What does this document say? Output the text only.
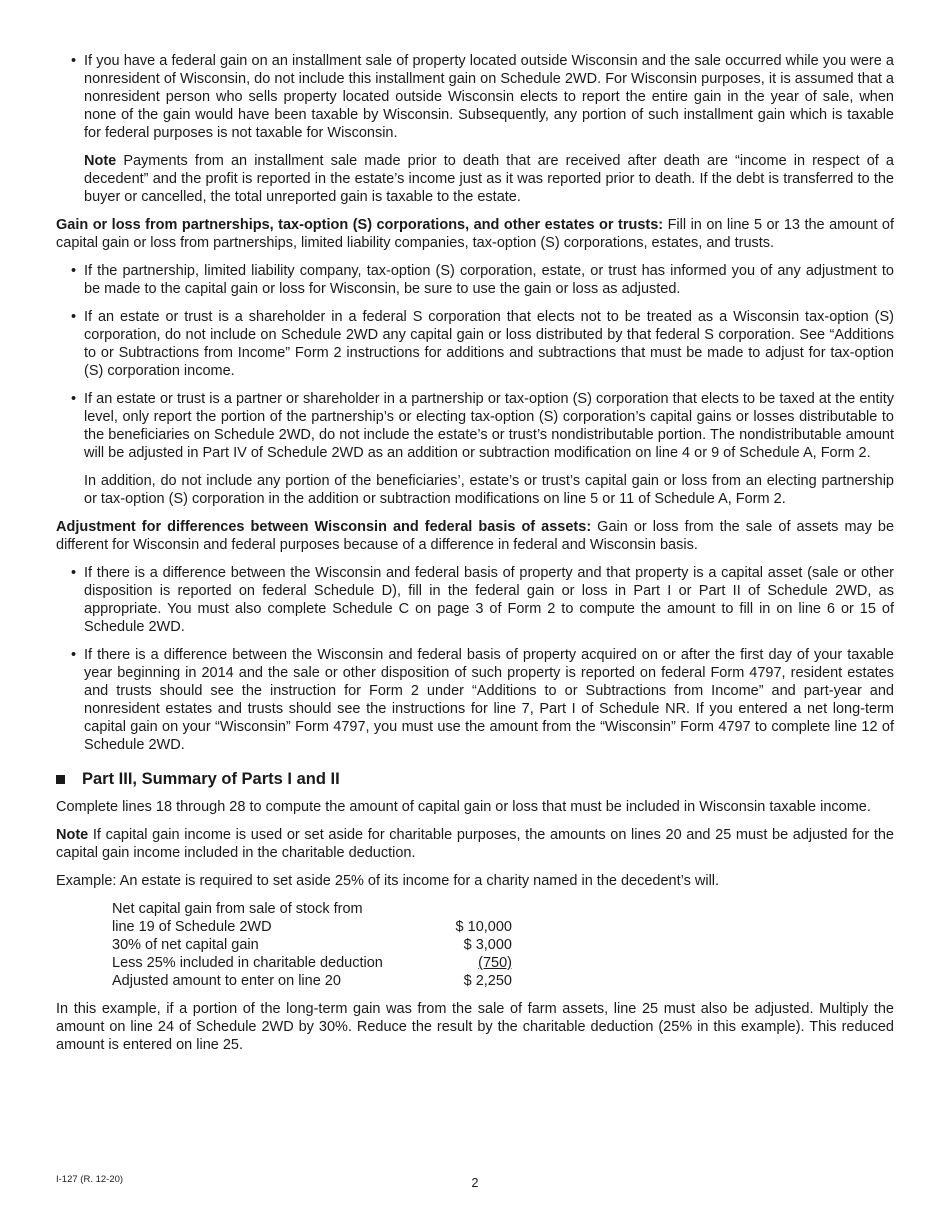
• If you have a federal gain on an installment sale of property located outside Wisconsin and the sale occurred while you were a nonresident of Wisconsin, do not include this installment gain on Schedule 2WD. For Wisconsin purposes, it is assumed that a nonresident person who sells property located outside Wisconsin elects to report the entire gain in the year of sale, when none of the gain would have been taxable by Wisconsin. Subsequently, any portion of such installment gain which is taxable for federal purposes is not taxable for Wisconsin.
Note Payments from an installment sale made prior to death that are received after death are “income in respect of a decedent” and the profit is reported in the estate’s income just as it was reported prior to death. If the debt is transferred to the buyer or cancelled, the total unreported gain is taxable to the estate.

Gain or loss from partnerships, tax-option (S) corporations, and other estates or trusts: Fill in on line 5 or 13 the amount of capital gain or loss from partnerships, limited liability companies, tax-option (S) corporations, estates, and trusts.

• If the partnership, limited liability company, tax-option (S) corporation, estate, or trust has informed you of any adjustment to be made to the capital gain or loss for Wisconsin, be sure to use the gain or loss as adjusted.
• If an estate or trust is a shareholder in a federal S corporation that elects not to be treated as a Wisconsin tax-option (S) corporation, do not include on Schedule 2WD any capital gain or loss distributed by that federal S corporation. See “Additions to or Subtractions from Income” Form 2 instructions for additions and subtractions that must be made to adjust for tax-option (S) corporation income.
• If an estate or trust is a partner or shareholder in a partnership or tax-option (S) corporation that elects to be taxed at the entity level, only report the portion of the partnership’s or electing tax-option (S) corporation’s capital gains or losses distributable to the beneficiaries on Schedule 2WD, do not include the estate’s or trust’s nondistributable portion. The nondistributable amount will be adjusted in Part IV of Schedule 2WD as an addition or subtraction modification on line 4 or 9 of Schedule A, Form 2.
In addition, do not include any portion of the beneficiaries’, estate’s or trust’s capital gain or loss from an electing partnership or tax-option (S) corporation in the addition or subtraction modifications on line 5 or 11 of Schedule A, Form 2.

Adjustment for differences between Wisconsin and federal basis of assets: Gain or loss from the sale of assets may be different for Wisconsin and federal purposes because of a difference in federal and Wisconsin basis.

• If there is a difference between the Wisconsin and federal basis of property and that property is a capital asset (sale or other disposition is reported on federal Schedule D), fill in the federal gain or loss in Part I or Part II of Schedule 2WD, as appropriate. You must also complete Schedule C on page 3 of Form 2 to compute the amount to fill in on line 6 or 15 of Schedule 2WD.
• If there is a difference between the Wisconsin and federal basis of property acquired on or after the first day of your taxable year beginning in 2014 and the sale or other disposition of such property is reported on federal Form 4797, resident estates and trusts should see the instruction for Form 2 under “Additions to or Subtractions from Income” and part-year and nonresident estates and trusts should see the instructions for line 7, Part I of Schedule NR. If you entered a net long-term capital gain on your “Wisconsin” Form 4797, you must use the amount from the “Wisconsin” Form 4797 to complete line 12 of Schedule 2WD.
Part III, Summary of Parts I and II

Complete lines 18 through 28 to compute the amount of capital gain or loss that must be included in Wisconsin taxable income.

Note If capital gain income is used or set aside for charitable purposes, the amounts on lines 20 and 25 must be adjusted for the capital gain income included in the charitable deduction.

Example: An estate is required to set aside 25% of its income for a charity named in the decedent’s will.

Net capital gain from sale of stock from	
line 19 of Schedule 2WD	$ 10,000
30% of net capital gain	$ 3,000
Less 25% included in charitable deduction	(750)
Adjusted amount to enter on line 20	$ 2,250

In this example, if a portion of the long-term gain was from the sale of farm assets, line 25 must also be adjusted. Multiply the amount on line 24 of Schedule 2WD by 30%. Reduce the result by the charitable deduction (25% in this example). This reduced amount is entered on line 25.

I-127 (R. 12-20)	2
